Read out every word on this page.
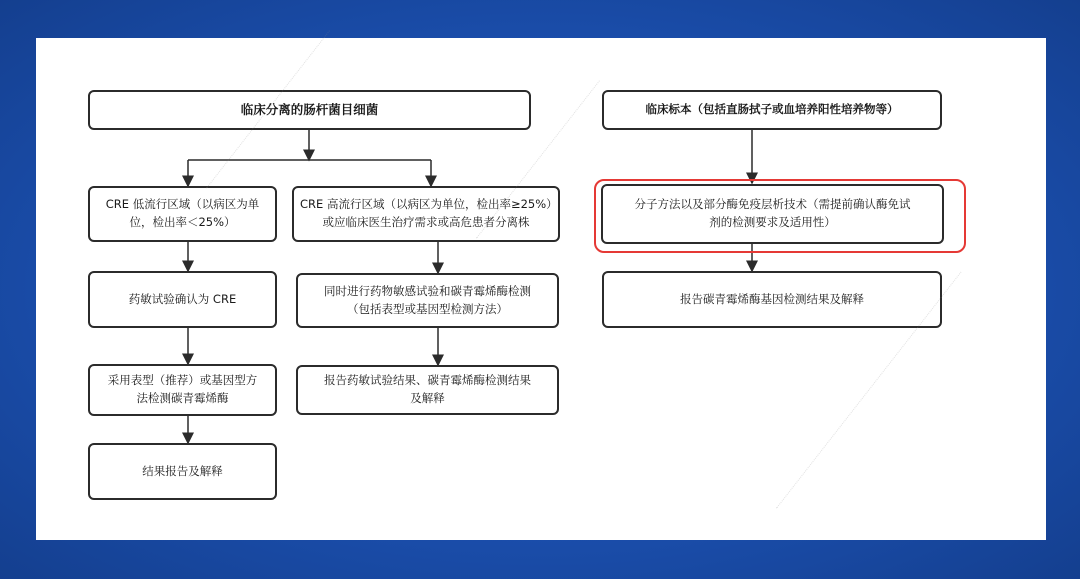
临床分离的肠杆菌目细菌
CRE 低流行区域（以病区为单
位，检出率＜25%）
CRE 高流行区域（以病区为单位，检出率≥25%）
或应临床医生治疗需求或高危患者分离株
药敏试验确认为 CRE
采用表型（推荐）或基因型方
法检测碳青霉烯酶
结果报告及解释
同时进行药物敏感试验和碳青霉烯酶检测
（包括表型或基因型检测方法）
报告药敏试验结果、碳青霉烯酶检测结果
及解释
临床标本（包括直肠拭子或血培养阳性培养物等）
分子方法以及部分酶免疫层析技术（需提前确认酶免试
剂的检测要求及适用性）
报告碳青霉烯酶基因检测结果及解释
